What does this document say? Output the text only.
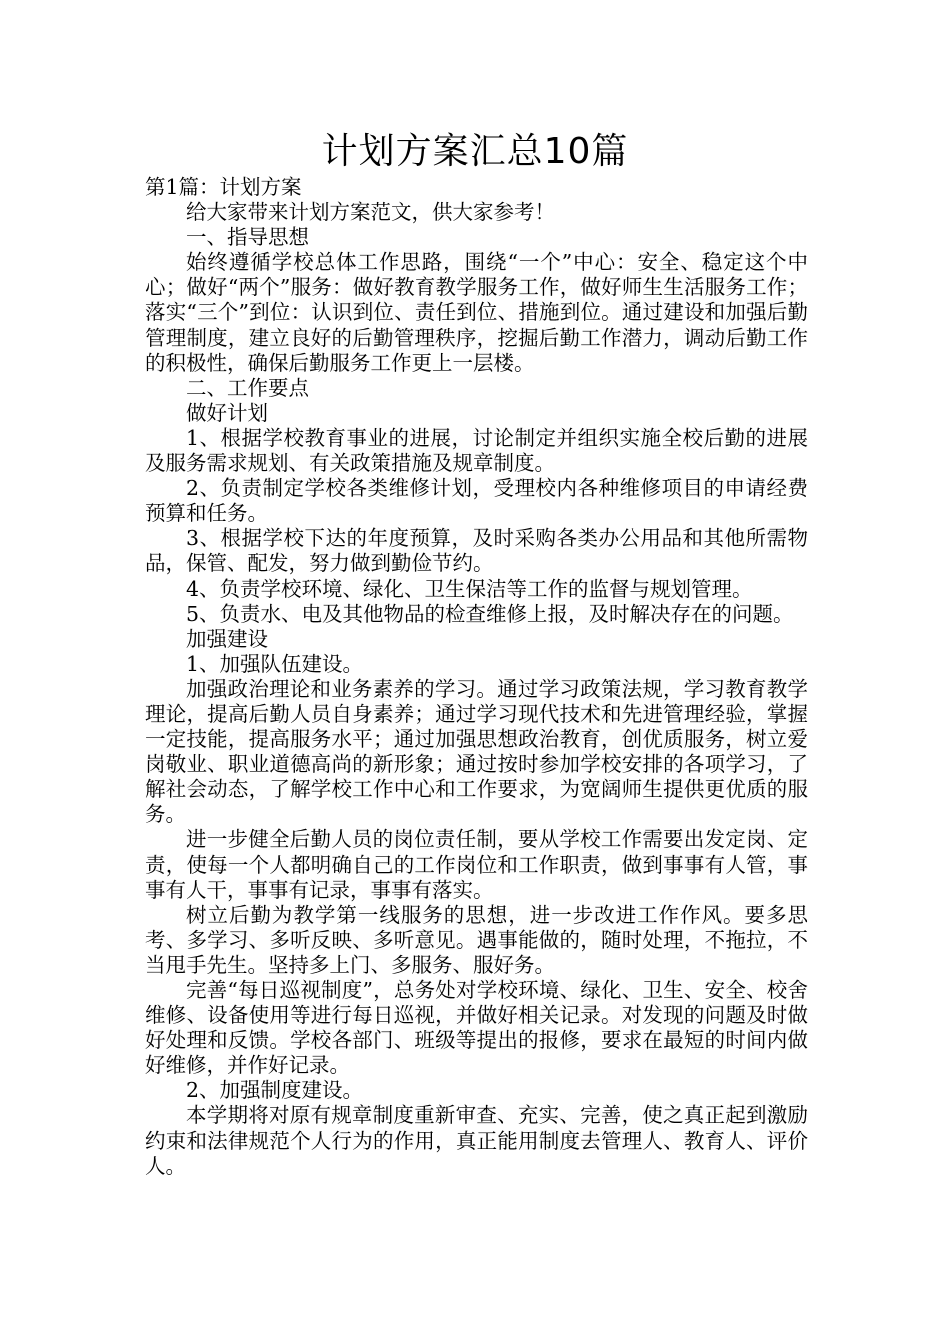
计划方案汇总10篇

第1篇：计划方案

给大家带来计划方案范文，供大家参考！

一、指导思想

始终遵循学校总体工作思路，围绕“一个”中心：安全、稳定这个中心；做好“两个”服务：做好教育教学服务工作，做好师生生活服务工作；落实“三个”到位：认识到位、责任到位、措施到位。通过建设和加强后勤管理制度，建立良好的后勤管理秩序，挖掘后勤工作潜力，调动后勤工作的积极性，确保后勤服务工作更上一层楼。

二、工作要点

做好计划

1、根据学校教育事业的进展，讨论制定并组织实施全校后勤的进展及服务需求规划、有关政策措施及规章制度。

2、负责制定学校各类维修计划，受理校内各种维修项目的申请经费预算和任务。

3、根据学校下达的年度预算，及时采购各类办公用品和其他所需物品，保管、配发，努力做到勤俭节约。

4、负责学校环境、绿化、卫生保洁等工作的监督与规划管理。

5、负责水、电及其他物品的检查维修上报，及时解决存在的问题。

加强建设

1、加强队伍建设。

加强政治理论和业务素养的学习。通过学习政策法规，学习教育教学理论，提高后勤人员自身素养；通过学习现代技术和先进管理经验，掌握一定技能，提高服务水平；通过加强思想政治教育，创优质服务，树立爱岗敬业、职业道德高尚的新形象；通过按时参加学校安排的各项学习，了解社会动态，了解学校工作中心和工作要求，为宽阔师生提供更优质的服务。

进一步健全后勤人员的岗位责任制，要从学校工作需要出发定岗、定责，使每一个人都明确自己的工作岗位和工作职责，做到事事有人管，事事有人干，事事有记录，事事有落实。

树立后勤为教学第一线服务的思想，进一步改进工作作风。要多思考、多学习、多听反映、多听意见。遇事能做的，随时处理，不拖拉，不当甩手先生。坚持多上门、多服务、服好务。

完善“每日巡视制度”，总务处对学校环境、绿化、卫生、安全、校舍维修、设备使用等进行每日巡视，并做好相关记录。对发现的问题及时做好处理和反馈。学校各部门、班级等提出的报修，要求在最短的时间内做好维修，并作好记录。

2、加强制度建设。

本学期将对原有规章制度重新审查、充实、完善，使之真正起到激励约束和法律规范个人行为的作用，真正能用制度去管理人、教育人、评价人。
